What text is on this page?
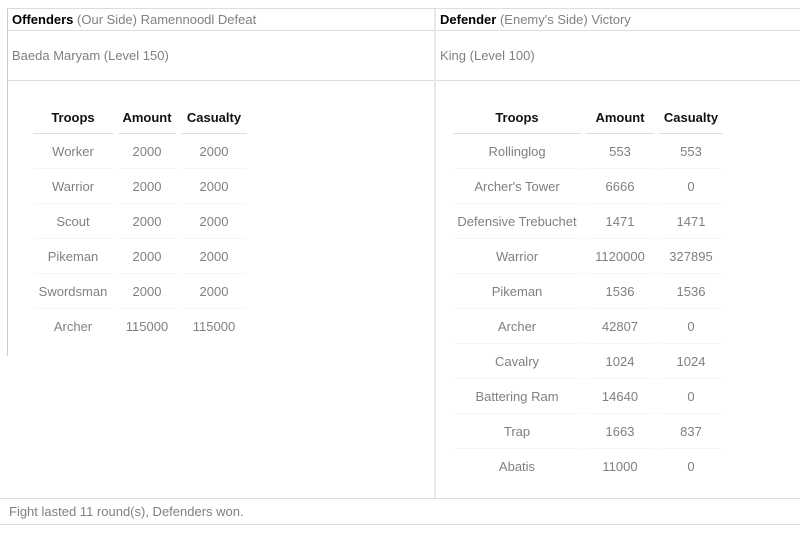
Offenders (Our Side) Ramennoodl Defeat
Baeda Maryam (Level 150)
Troops	Amount	Casualty
Worker	2000	2000
Warrior	2000	2000
Scout	2000	2000
Pikeman	2000	2000
Swordsman	2000	2000
Archer	115000	115000
Defender (Enemy's Side) Victory
King (Level 100)
Troops	Amount	Casualty
Rollinglog	553	553
Archer's Tower	6666	0
Defensive Trebuchet	1471	1471
Warrior	1120000	327895
Pikeman	1536	1536
Archer	42807	0
Cavalry	1024	1024
Battering Ram	14640	0
Trap	1663	837
Abatis	11000	0
Fight lasted 11 round(s), Defenders won.
